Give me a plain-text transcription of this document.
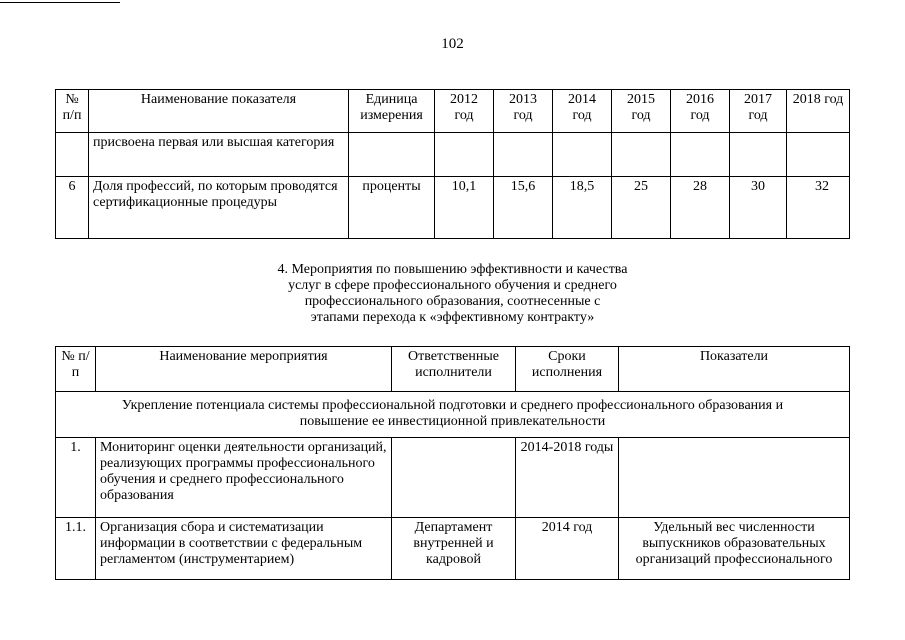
102
№ п/п	Наименование показателя	Единица измерения	2012 год	2013 год	2014 год	2015 год	2016 год	2017 год	2018 год
	присвоена первая или высшая категория								
6	Доля профессий, по которым проводятся сертификационные процедуры	проценты	10,1	15,6	18,5	25	28	30	32
4. Мероприятия по повышению эффективности и качества
услуг в сфере профессионального обучения и среднего
профессионального образования, соотнесенные с
этапами перехода к «эффективному контракту»
№ п/п	Наименование мероприятия	Ответственные исполнители	Сроки исполнения	Показатели
Укрепление потенциала системы профессиональной подготовки и среднего профессионального образования и повышение ее инвестиционной привлекательности				
1.	Мониторинг оценки деятельности организаций, реализующих программы профессионального обучения и среднего профессионального образования		2014-2018 годы	
1.1.	Организация сбора и систематизации информации в соответствии с федеральным регламентом (инструментарием)	Департамент внутренней и кадровой	2014 год	Удельный вес численности выпускников образовательных организаций профессионального
